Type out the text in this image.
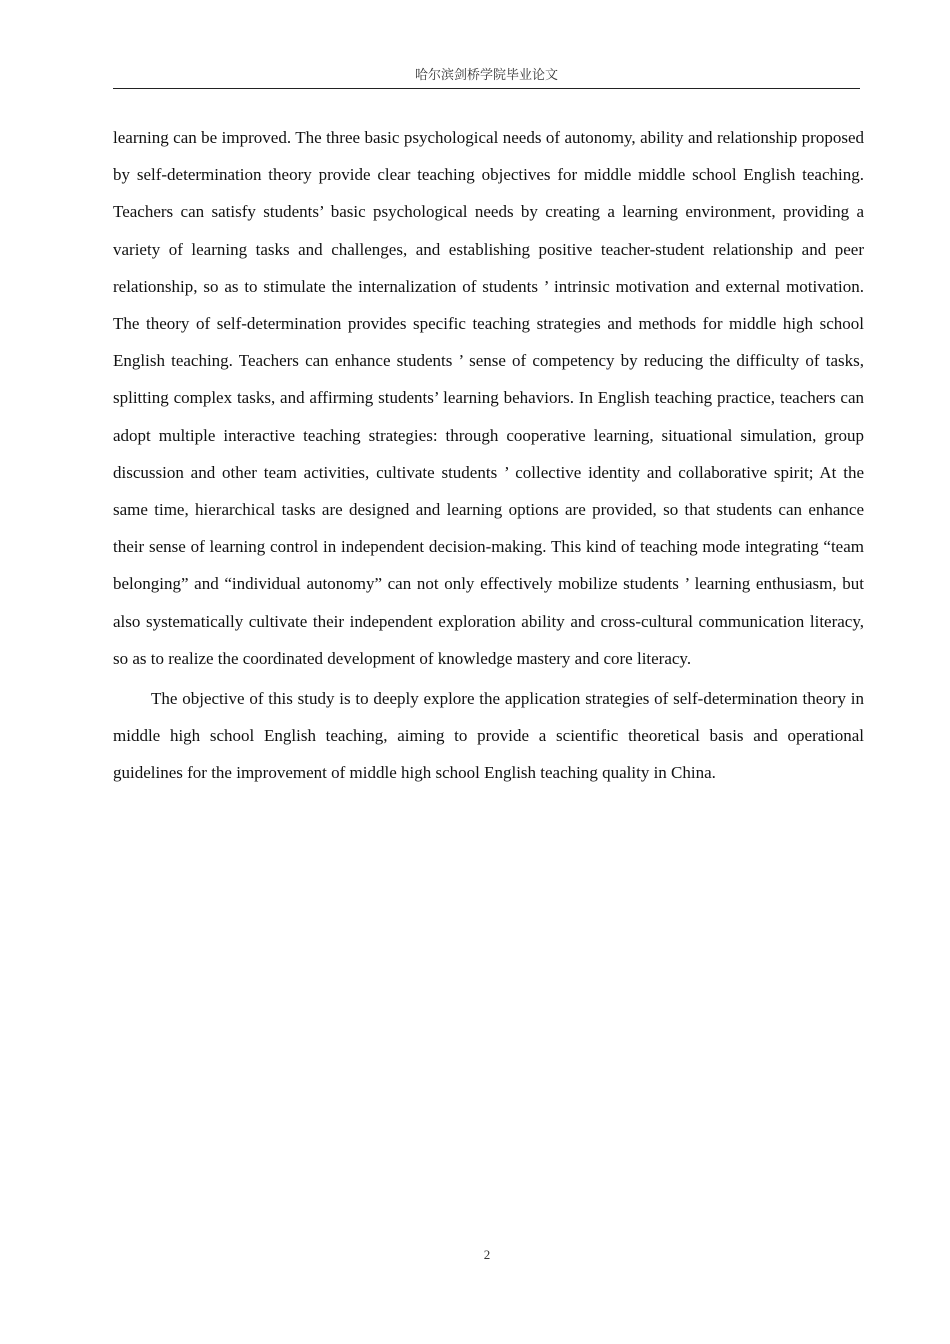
哈尔滨剑桥学院毕业论文

learning can be improved. The three basic psychological needs of autonomy, ability and relationship proposed by self-determination theory provide clear teaching objectives for middle middle school English teaching. Teachers can satisfy students’ basic psychological needs by creating a learning environment, providing a variety of learning tasks and challenges, and establishing positive teacher-student relationship and peer relationship, so as to stimulate the internalization of students ’ intrinsic motivation and external motivation. The theory of self-determination provides specific teaching strategies and methods for middle high school English teaching. Teachers can enhance students ’ sense of competency by reducing the difficulty of tasks, splitting complex tasks, and affirming students’ learning behaviors. In English teaching practice, teachers can adopt multiple interactive teaching strategies: through cooperative learning, situational simulation, group discussion and other team activities, cultivate students ’ collective identity and collaborative spirit; At the same time, hierarchical tasks are designed and learning options are provided, so that students can enhance their sense of learning control in independent decision-making. This kind of teaching mode integrating “team belonging” and “individual autonomy” can not only effectively mobilize students ’ learning enthusiasm, but also systematically cultivate their independent exploration ability and cross-cultural communication literacy, so as to realize the coordinated development of knowledge mastery and core literacy.

The objective of this study is to deeply explore the application strategies of self-determination theory in middle high school English teaching, aiming to provide a scientific theoretical basis and operational guidelines for the improvement of middle high school English teaching quality in China.

2
